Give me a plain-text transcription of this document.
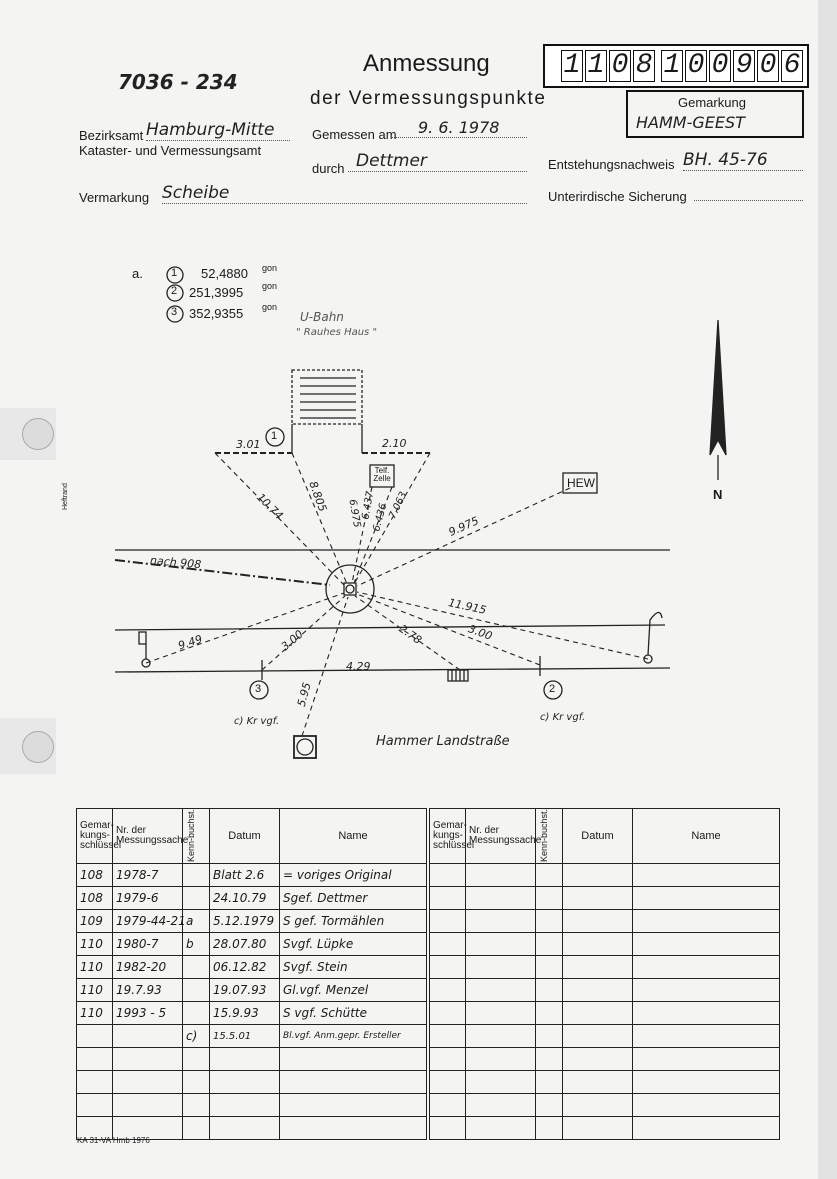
7036 - 234
Anmessung
der Vermessungspunkte
1 1 0 8 1 0 0 9 0 6
Gemarkung
HAMM-GEEST
Bezirksamt Hamburg-Mitte
Kataster- und Vermessungsamt
Gemessen am	9. 6. 1978
durch Dettmer	Entstehungsnachweis BH. 45-76
Vermarkung Scheibe	Unterirdische Sicherung
a.	1 52,4880 gon
2 251,3995 gon
3 352,9355 gon
U-Bahn
" Rauhes Haus "
3.01	2.10
1
10.74 8.805 6.975
6.437
6.436
7.063
Telf. Zelle	HEW
9.975
nach 908
11.915
9.49	3.00	2.78	3.00
4.29
5.95
3	2
c) Kr vgf.	c) Kr vgf.
Hammer Landstraße
N
Heftrand
Gemar-kungs-schlüssel	Nr. der Messungssache	Kenn-buchst.	Datum	Name
108	1978-7		Blatt 2.6	= voriges Original
108	1979-6		24.10.79	Sgef. Dettmer
109	1979-44-21	a	5.12.1979	S gef. Tormählen
110	1980-7	b	28.07.80	Svgf. Lüpke
110	1982-20		06.12.82	Svgf. Stein
110	19.7.93		19.07.93	Gl.vgf. Menzel
110	1993 - 5		15.9.93	S vgf. Schütte
		c)	15.5.01	Bl.vgf. Anm.gepr. Ersteller

Gemar-kungs-schlüssel	Nr. der Messungssache	Kenn-buchst.	Datum	Name

KA 31-VA Hmb 1976
